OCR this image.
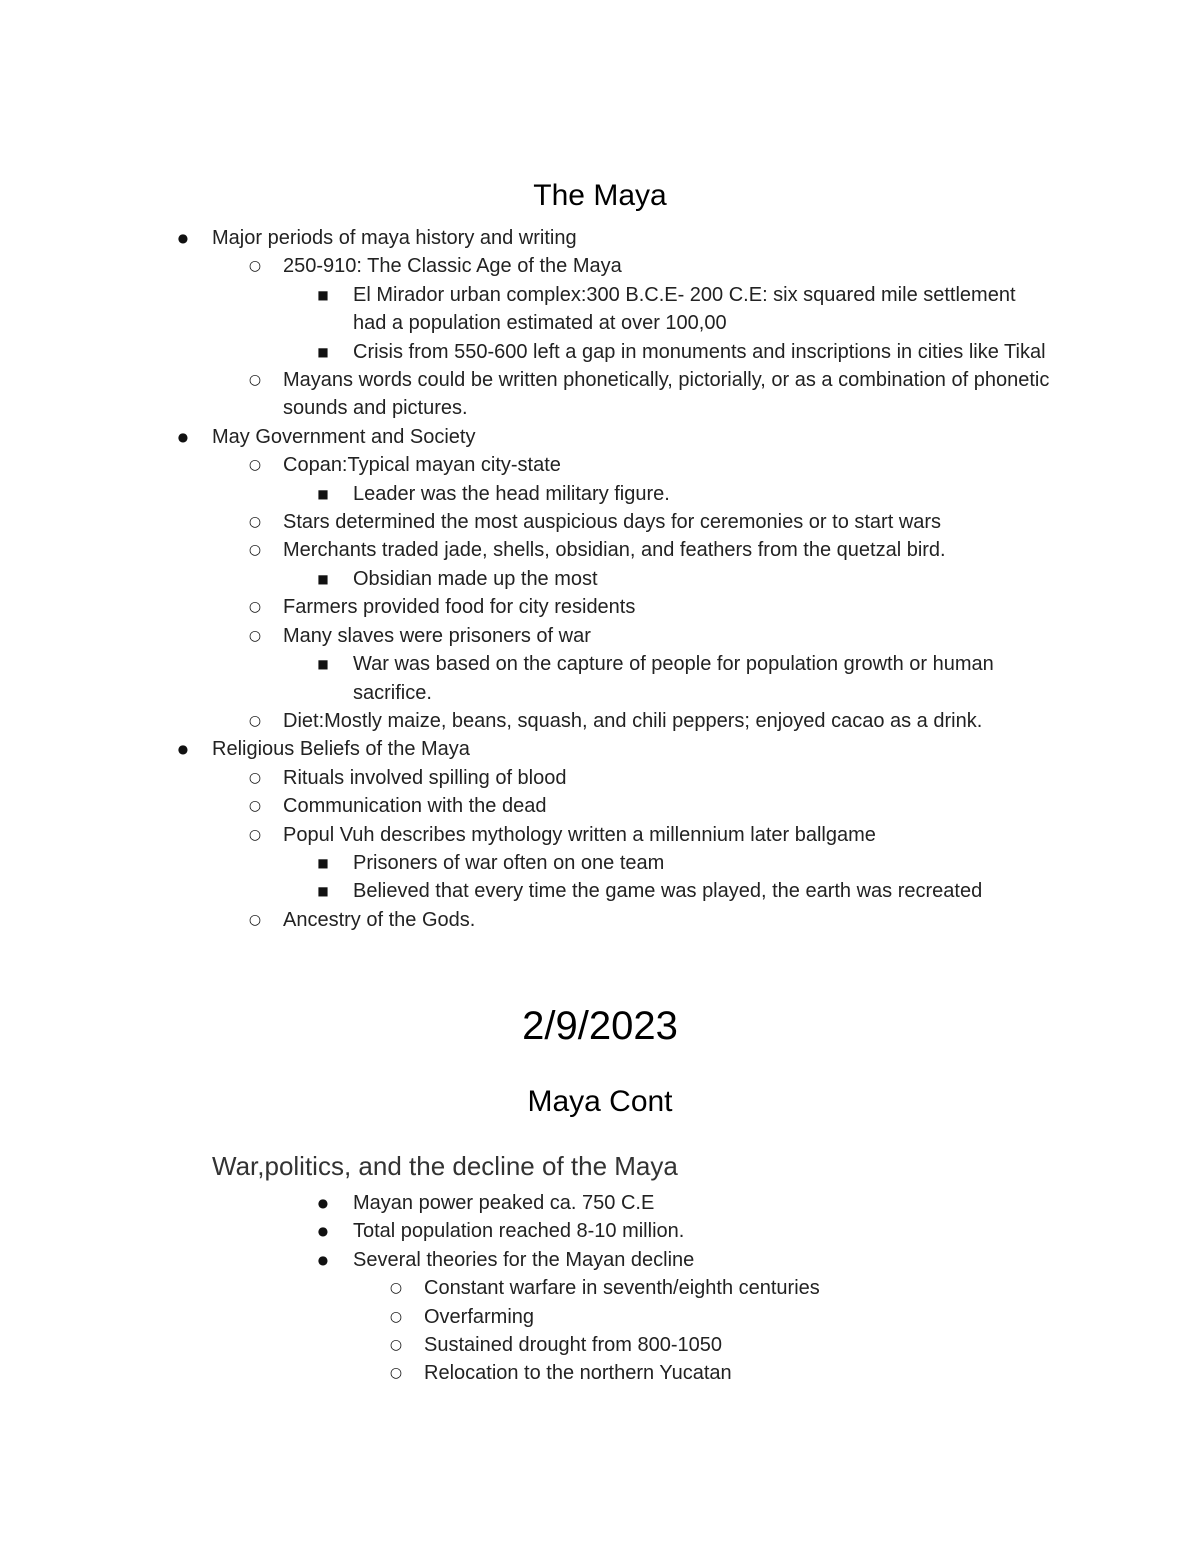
The Maya
●	Major periods of maya history and writing
○	250-910: The Classic Age of the Maya
■	El Mirador urban complex:300 B.C.E- 200 C.E: six squared mile settlement had a population estimated at over 100,00
■	Crisis from 550-600 left a gap in monuments and inscriptions in cities like Tikal
○	Mayans words could be written phonetically, pictorially, or as a combination of phonetic sounds and pictures.
●	May Government and Society
○	Copan:Typical mayan city-state
■	Leader was the head military figure.
○	Stars determined the most auspicious days for ceremonies or to start wars
○	Merchants traded jade, shells, obsidian, and feathers from the quetzal bird.
■	Obsidian made up the most
○	Farmers provided food for city residents
○	Many slaves were prisoners of war
■	War was based on the capture of people for population growth or human sacrifice.
○	Diet:Mostly maize, beans, squash, and chili peppers; enjoyed cacao as a drink.
●	Religious Beliefs of the Maya
○	Rituals involved spilling of blood
○	Communication with the dead
○	Popul Vuh describes mythology written a millennium later ballgame
■	Prisoners of war often on one team
■	Believed that every time the game was played, the earth was recreated
○	Ancestry of the Gods.
2/9/2023
Maya Cont
War,politics, and the decline of the Maya
●	Mayan power peaked ca. 750 C.E
●	Total population reached 8-10 million.
●	Several theories for the Mayan decline
○	Constant warfare in seventh/eighth centuries
○	Overfarming
○	Sustained drought from 800-1050
○	Relocation to the northern Yucatan
